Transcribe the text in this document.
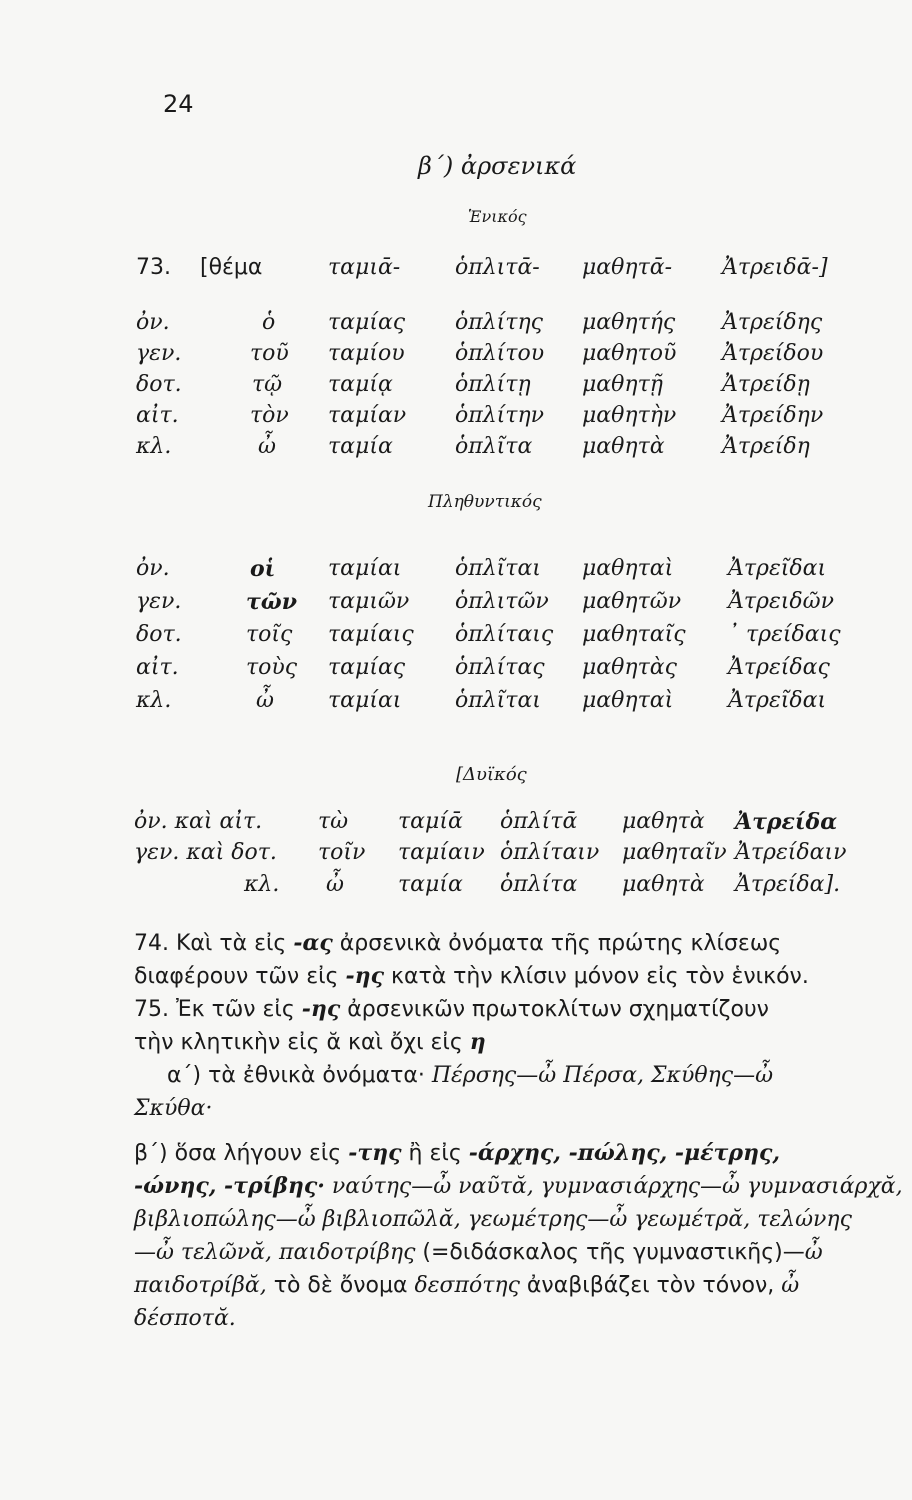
24
β΄) ἀρσενικά
Ἑνικός
73. [θέμα	ταμιᾱ- ὁπλιτᾱ- μαθητᾱ- Ἀτρειδᾱ-]
ὀν.	ὁ ταμίας ὁπλίτης μαθητής Ἀτρείδης
γεν.	τοῦ ταμίου ὁπλίτου μαθητοῦ Ἀτρείδου
δοτ.	τῷ ταμίᾳ	ὁπλίτῃ μαθητῇ	Ἀτρείδῃ
αἰτ.	τὸν ταμίαν ὁπλίτην μαθητὴν Ἀτρείδην
κλ.	ὦ ταμία	ὁπλῖτα μαθητὰ	Ἀτρείδη
Πληθυντικός
ὀν.	οἱ ταμίαι ὁπλῖται μαθηταὶ Ἀτρεῖδαι
γεν.	τῶν ταμιῶν ὁπλιτῶν μαθητῶν Ἀτρειδῶν
δοτ.	τοῖς ταμίαις ὁπλίταις μαθηταῖς ᾿ τρείδαις
αἰτ.	τοὺς ταμίας ὁπλίτας μαθητὰς Ἀτρείδας
κλ.	ὦ ταμίαι ὁπλῖται μαθηταὶ Ἀτρεῖδαι
[Δυϊκός
ὀν. καὶ αἰτ.	τὼ ταμίᾱ ὁπλίτᾱ μαθητὰ Ἀτρείδα
γεν. καὶ δοτ. τοῖν ταμίαιν ὁπλίταιν μαθηταῖν Ἀτρείδαιν
κλ. ὦ ταμία ὁπλίτα μαθητὰ Ἀτρείδα].
74. Καὶ τὰ εἰς -ας ἀρσενικὰ ὀνόματα τῆς πρώτης κλίσεως
διαφέρουν τῶν εἰς -ης κατὰ τὴν κλίσιν μόνον εἰς τὸν ἑνικόν.
75. Ἐκ τῶν εἰς -ης ἀρσενικῶν πρωτοκλίτων σχηματίζουν
τὴν κλητικὴν εἰς ᾰ καὶ ὄχι εἰς η
α΄) τὰ ἐθνικὰ ὀνόματα· Πέρσης—ὦ Πέρσα, Σκύθης—ὦ
Σκύθα·
β΄) ὅσα λήγουν εἰς -της ἢ εἰς -άρχης, -πώλης, -μέτρης,
-ώνης, -τρίβης· ναύτης—ὦ ναῦτᾰ, γυμνασιάρχης—ὦ γυμνασιάρχᾰ,
βιβλιοπώλης—ὦ βιβλιοπῶλᾰ, γεωμέτρης—ὦ γεωμέτρᾰ, τελώνης
—ὦ τελῶνᾰ, παιδοτρίβης (=διδάσκαλος τῆς γυμναστικῆς)—ὦ
παιδοτρίβᾰ, τὸ δὲ ὄνομα δεσπότης ἀναβιβάζει τὸν τόνον, ὦ
δέσποτᾰ.
